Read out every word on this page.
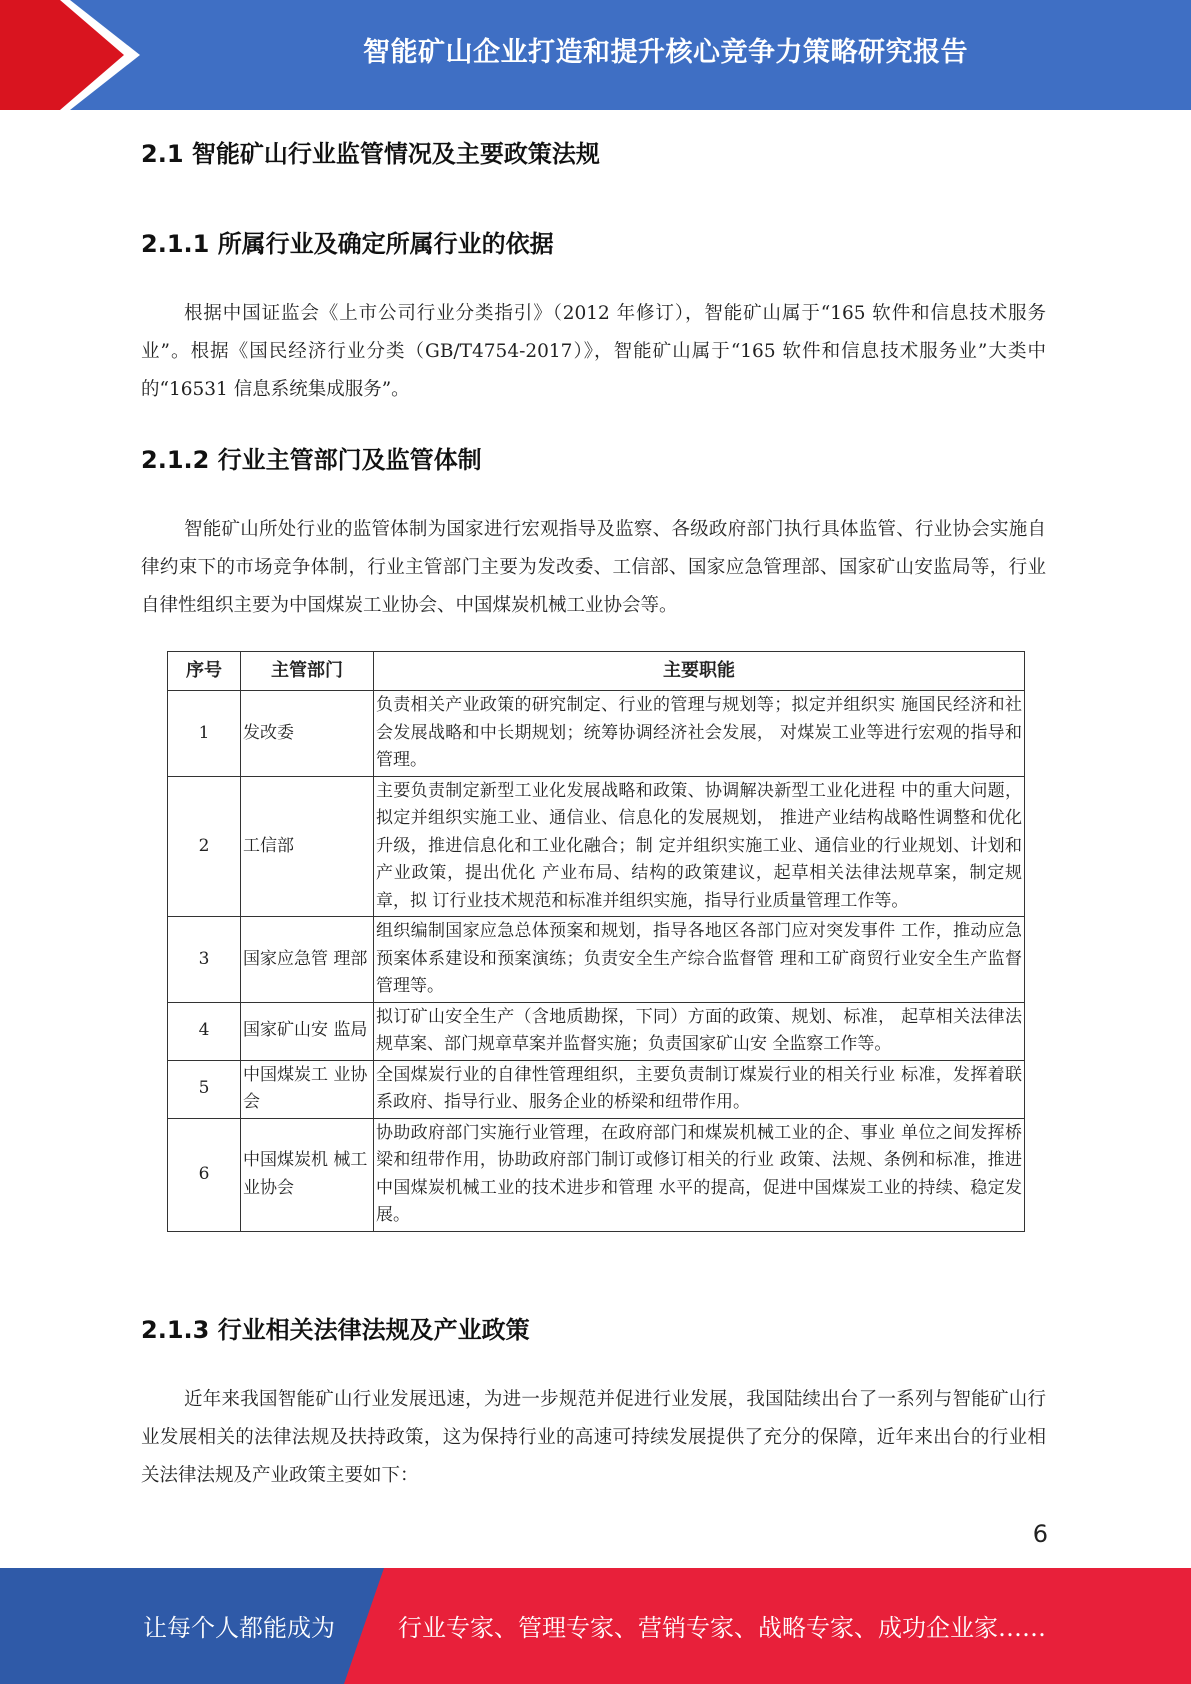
智能矿山企业打造和提升核心竞争力策略研究报告
2.1 智能矿山行业监管情况及主要政策法规
2.1.1 所属行业及确定所属行业的依据
根据中国证监会《上市公司行业分类指引》（2012 年修订），智能矿山属于“165 软件和信息技术服务业”。根据《国民经济行业分类（GB/T4754-2017）》，智能矿山属于“165 软件和信息技术服务业”大类中的“16531 信息系统集成服务”。
2.1.2 行业主管部门及监管体制
智能矿山所处行业的监管体制为国家进行宏观指导及监察、各级政府部门执行具体监管、行业协会实施自律约束下的市场竞争体制，行业主管部门主要为发改委、工信部、国家应急管理部、国家矿山安监局等，行业自律性组织主要为中国煤炭工业协会、中国煤炭机械工业协会等。
序号	主管部门	主要职能
1	发改委	负责相关产业政策的研究制定、行业的管理与规划等；拟定并组织实 施国民经济和社会发展战略和中长期规划；统筹协调经济社会发展， 对煤炭工业等进行宏观的指导和管理。
2	工信部	主要负责制定新型工业化发展战略和政策、协调解决新型工业化进程 中的重大问题，拟定并组织实施工业、通信业、信息化的发展规划， 推进产业结构战略性调整和优化升级，推进信息化和工业化融合；制 定并组织实施工业、通信业的行业规划、计划和产业政策，提出优化 产业布局、结构的政策建议，起草相关法律法规草案，制定规章，拟 订行业技术规范和标准并组织实施，指导行业质量管理工作等。
3	国家应急管 理部	组织编制国家应急总体预案和规划，指导各地区各部门应对突发事件 工作，推动应急预案体系建设和预案演练；负责安全生产综合监督管 理和工矿商贸行业安全生产监督管理等。
4	国家矿山安 监局	拟订矿山安全生产（含地质勘探，下同）方面的政策、规划、标准， 起草相关法律法规草案、部门规章草案并监督实施；负责国家矿山安 全监察工作等。
5	中国煤炭工 业协会	全国煤炭行业的自律性管理组织，主要负责制订煤炭行业的相关行业 标准，发挥着联系政府、指导行业、服务企业的桥梁和纽带作用。
6	中国煤炭机 械工业协会	协助政府部门实施行业管理，在政府部门和煤炭机械工业的企、事业 单位之间发挥桥梁和纽带作用，协助政府部门制订或修订相关的行业 政策、法规、条例和标准，推进中国煤炭机械工业的技术进步和管理 水平的提高，促进中国煤炭工业的持续、稳定发展。
2.1.3 行业相关法律法规及产业政策
近年来我国智能矿山行业发展迅速，为进一步规范并促进行业发展，我国陆续出台了一系列与智能矿山行业发展相关的法律法规及扶持政策，这为保持行业的高速可持续发展提供了充分的保障，近年来出台的行业相关法律法规及产业政策主要如下：
6
让每个人都能成为	行业专家、管理专家、营销专家、战略专家、成功企业家……
